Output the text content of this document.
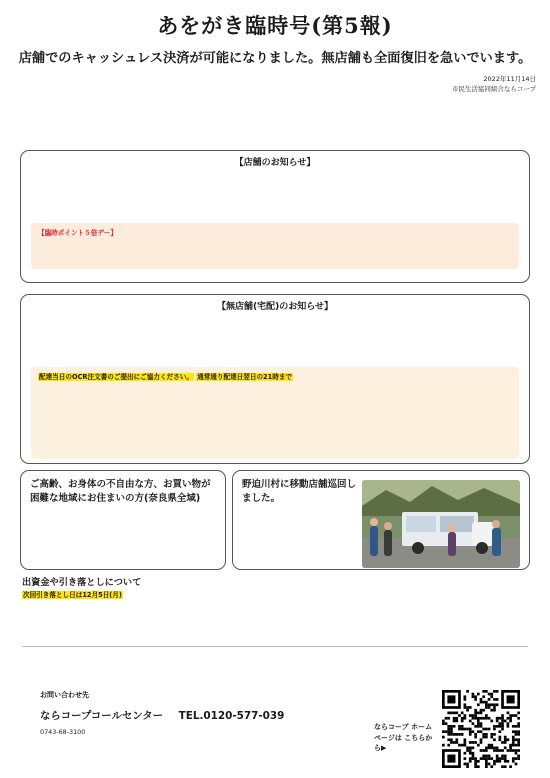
あをがき臨時号(第5報)
店舗でのキャッシュレス決済が可能になりました。無店舗も全面復旧を急いでいます。
2022年11月14日
市民生活協同組合ならコープ
【店舗のお知らせ】
【臨時ポイント５倍デー】
【無店舗(宅配)のお知らせ】
配達当日のOCR注文書のご提出にご協力ください。 通常通り配達日翌日の21時まで
ご高齢、お身体の不自由な方、お買い物が困難な地域にお住まいの方(奈良県全域)
野迫川村に移動店舗巡回しました。
出資金や引き落としについて
次回引き落とし日は12月5日(月)
お問い合わせ先
ならコープコールセンター TEL.0120-577-039
0743-68-3100
ならコープ ホームページは こちらから▶
